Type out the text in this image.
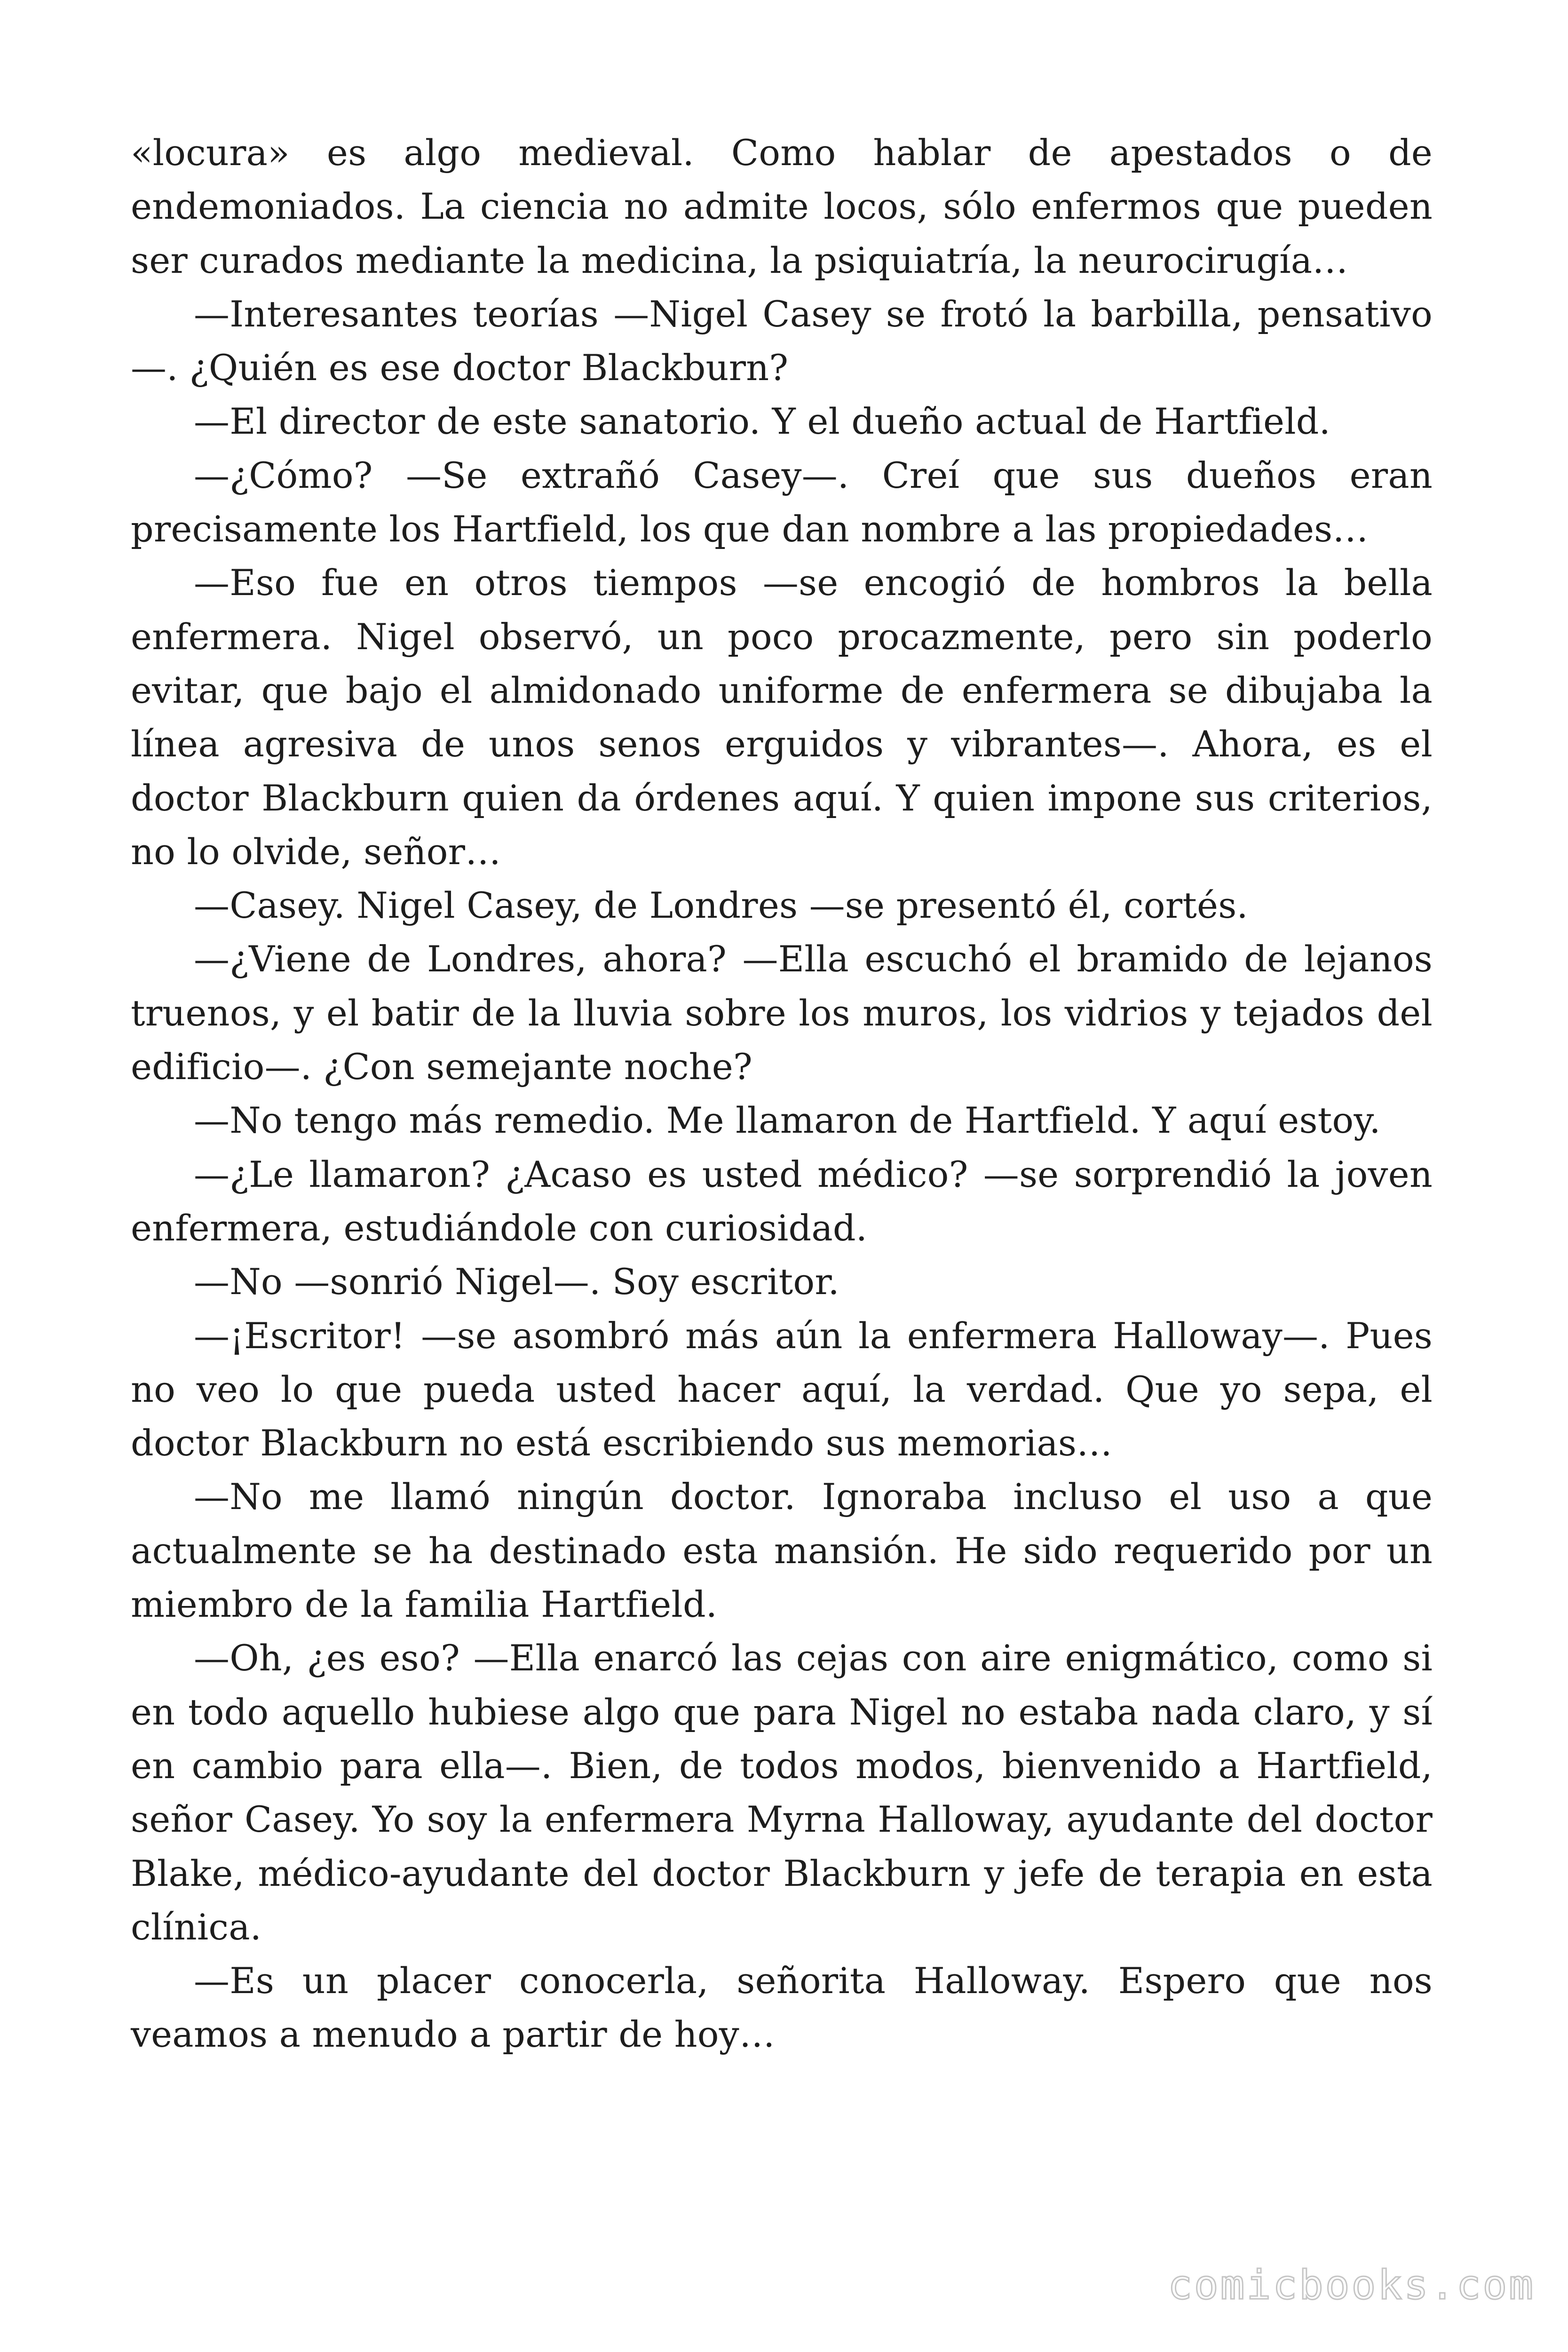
«locura» es algo medieval. Como hablar de apestados o de endemoniados. La ciencia no admite locos, sólo enfermos que pueden ser curados mediante la medicina, la psiquiatría, la neurocirugía…

—Interesantes teorías —Nigel Casey se frotó la barbilla, pensativo—. ¿Quién es ese doctor Blackburn?

—El director de este sanatorio. Y el dueño actual de Hartfield.

—¿Cómo? —Se extrañó Casey—. Creí que sus dueños eran precisamente los Hartfield, los que dan nombre a las propiedades…

—Eso fue en otros tiempos —se encogió de hombros la bella enfermera. Nigel observó, un poco procazmente, pero sin poderlo evitar, que bajo el almidonado uniforme de enfermera se dibujaba la línea agresiva de unos senos erguidos y vibrantes—. Ahora, es el doctor Blackburn quien da órdenes aquí. Y quien impone sus criterios, no lo olvide, señor…

—Casey. Nigel Casey, de Londres —se presentó él, cortés.

—¿Viene de Londres, ahora? —Ella escuchó el bramido de lejanos truenos, y el batir de la lluvia sobre los muros, los vidrios y tejados del edificio—. ¿Con semejante noche?

—No tengo más remedio. Me llamaron de Hartfield. Y aquí estoy.

—¿Le llamaron? ¿Acaso es usted médico? —se sorprendió la joven enfermera, estudiándole con curiosidad.

—No —sonrió Nigel—. Soy escritor.

—¡Escritor! —se asombró más aún la enfermera Halloway—. Pues no veo lo que pueda usted hacer aquí, la verdad. Que yo sepa, el doctor Blackburn no está escribiendo sus memorias…

—No me llamó ningún doctor. Ignoraba incluso el uso a que actualmente se ha destinado esta mansión. He sido requerido por un miembro de la familia Hartfield.

—Oh, ¿es eso? —Ella enarcó las cejas con aire enigmático, como si en todo aquello hubiese algo que para Nigel no estaba nada claro, y sí en cambio para ella—. Bien, de todos modos, bienvenido a Hartfield, señor Casey. Yo soy la enfermera Myrna Halloway, ayudante del doctor Blake, médico-ayudante del doctor Blackburn y jefe de terapia en esta clínica.

—Es un placer conocerla, señorita Halloway. Espero que nos veamos a menudo a partir de hoy…

comicbooks.com
